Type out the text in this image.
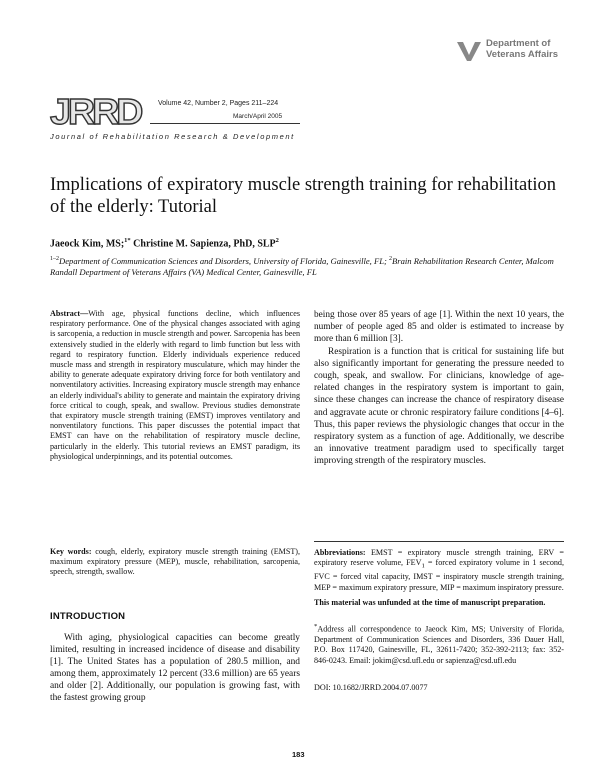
Department of
Veterans Affairs
JRRD	Volume 42, Number 2, Pages 211–224
March/April 2005
Journal of Rehabilitation Research & Development
Implications of expiratory muscle strength training for rehabilitation of the elderly: Tutorial
Jaeock Kim, MS;$^{1*}$ Christine M. Sapienza, PhD, SLP$^2$
$^{1-2}$Department of Communication Sciences and Disorders, University of Florida, Gainesville, FL; $^2$Brain Rehabilitation Research Center, Malcom Randall Department of Veterans Affairs (VA) Medical Center, Gainesville, FL
Abstract—With age, physical functions decline, which influences respiratory performance. One of the physical changes associated with aging is sarcopenia, a reduction in muscle strength and power. Sarcopenia has been extensively studied in the elderly with regard to limb function but less with regard to respiratory function. Elderly individuals experience reduced muscle mass and strength in respiratory musculature, which may hinder the ability to generate adequate expiratory driving force for both ventilatory and nonventilatory activities. Increasing expiratory muscle strength may enhance an elderly individual's ability to generate and maintain the expiratory driving force critical to cough, speak, and swallow. Previous studies demonstrate that expiratory muscle strength training (EMST) improves ventilatory and nonventilatory functions. This paper discusses the potential impact that EMST can have on the rehabilitation of respiratory muscle decline, particularly in the elderly. This tutorial reviews an EMST paradigm, its physiological underpinnings, and its potential outcomes.
Key words: cough, elderly, expiratory muscle strength training (EMST), maximum expiratory pressure (MEP), muscle, rehabilitation, sarcopenia, speech, strength, swallow.
INTRODUCTION

With aging, physiological capacities can become greatly limited, resulting in increased incidence of disease and disability [1]. The United States has a population of 280.5 million, and among them, approximately 12 percent (33.6 million) are 65 years and older [2]. Additionally, our population is growing fast, with the fastest growing group

being those over 85 years of age [1]. Within the next 10 years, the number of people aged 85 and older is estimated to increase by more than 6 million [3].

Respiration is a function that is critical for sustaining life but also significantly important for generating the pressure needed to cough, speak, and swallow. For clinicians, knowledge of age-related changes in the respiratory system is important to gain, since these changes can increase the chance of respiratory disease and aggravate acute or chronic respiratory failure conditions [4–6]. Thus, this paper reviews the physiologic changes that occur in the respiratory system as a function of age. Additionally, we describe an innovative treatment paradigm used to specifically target improving strength of the respiratory muscles.

Abbreviations: EMST = expiratory muscle strength training, ERV = expiratory reserve volume, $FEV_1$ = forced expiratory volume in 1 second, FVC = forced vital capacity, IMST = inspiratory muscle strength training, MEP = maximum expiratory pressure, MIP = maximum inspiratory pressure.
This material was unfunded at the time of manuscript preparation.
*Address all correspondence to Jaeock Kim, MS; University of Florida, Department of Communication Sciences and Disorders, 336 Dauer Hall, P.O. Box 117420, Gainesville, FL, 32611-7420; 352-392-2113; fax: 352-846-0243. Email: jokim@csd.ufl.edu or sapienza@csd.ufl.edu
DOI: 10.1682/JRRD.2004.07.0077
183
